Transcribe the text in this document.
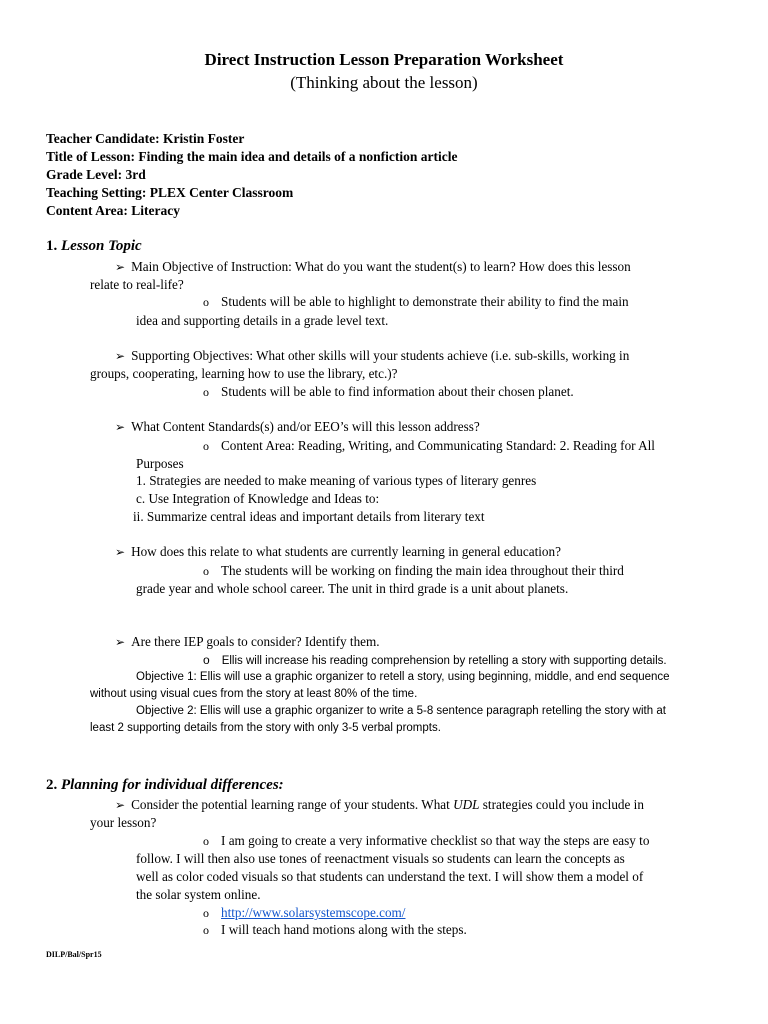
Direct Instruction Lesson Preparation Worksheet
(Thinking about the lesson)
Teacher Candidate: Kristin Foster
Title of Lesson: Finding the main idea and details of a nonfiction article
Grade Level: 3rd
Teaching Setting: PLEX Center Classroom
Content Area: Literacy
1. Lesson Topic
➢ Main Objective of Instruction: What do you want the student(s) to learn? How does this lesson
relate to real-life?
o Students will be able to highlight to demonstrate their ability to find the main
idea and supporting details in a grade level text.
➢ Supporting Objectives: What other skills will your students achieve (i.e. sub-skills, working in
groups, cooperating, learning how to use the library, etc.)?
o Students will be able to find information about their chosen planet.
➢ What Content Standards(s) and/or EEO’s will this lesson address?
o Content Area: Reading, Writing, and Communicating Standard: 2. Reading for All
Purposes
1. Strategies are needed to make meaning of various types of literary genres
c. Use Integration of Knowledge and Ideas to:
ii. Summarize central ideas and important details from literary text
➢ How does this relate to what students are currently learning in general education?
o The students will be working on finding the main idea throughout their third
grade year and whole school career. The unit in third grade is a unit about planets.
➢ Are there IEP goals to consider? Identify them.
o Ellis will increase his reading comprehension by retelling a story with supporting details.
Objective 1: Ellis will use a graphic organizer to retell a story, using beginning, middle, and end sequence
without using visual cues from the story at least 80% of the time.
Objective 2: Ellis will use a graphic organizer to write a 5-8 sentence paragraph retelling the story with at
least 2 supporting details from the story with only 3-5 verbal prompts.
2. Planning for individual differences:
➢ Consider the potential learning range of your students. What UDL strategies could you include in
your lesson?
o I am going to create a very informative checklist so that way the steps are easy to
follow. I will then also use tones of reenactment visuals so students can learn the concepts as
well as color coded visuals so that students can understand the text. I will show them a model of
the solar system online.
o http://www.solarsystemscope.com/
o I will teach hand motions along with the steps.
DILP/Bal/Spr15
